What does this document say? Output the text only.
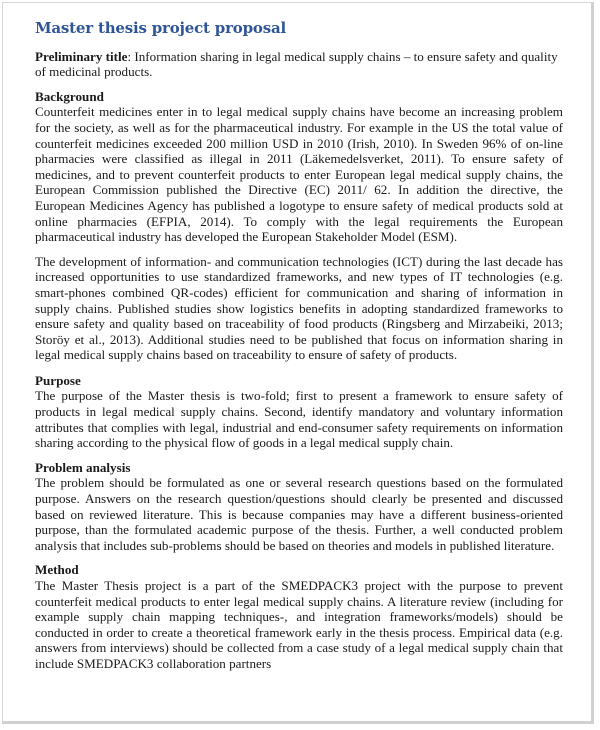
Master thesis project proposal

Preliminary title: Information sharing in legal medical supply chains – to ensure safety and quality of medicinal products.

Background

Counterfeit medicines enter in to legal medical supply chains have become an increasing problem for the society, as well as for the pharmaceutical industry. For example in the US the total value of counterfeit medicines exceeded 200 million USD in 2010 (Irish, 2010). In Sweden 96% of on-line pharmacies were classified as illegal in 2011 (Läkemedelsverket, 2011). To ensure safety of medicines, and to prevent counterfeit products to enter European legal medical supply chains, the European Commission published the Directive (EC) 2011/ 62. In addition the directive, the European Medicines Agency has published a logotype to ensure safety of medical products sold at online pharmacies (EFPIA, 2014). To comply with the legal requirements the European pharmaceutical industry has developed the European Stakeholder Model (ESM).

The development of information- and communication technologies (ICT) during the last decade has increased opportunities to use standardized frameworks, and new types of IT technologies (e.g. smart-phones combined QR-codes) efficient for communication and sharing of information in supply chains. Published studies show logistics benefits in adopting standardized frameworks to ensure safety and quality based on traceability of food products (Ringsberg and Mirzabeiki, 2013; Storöy et al., 2013). Additional studies need to be published that focus on information sharing in legal medical supply chains based on traceability to ensure of safety of products.

Purpose

The purpose of the Master thesis is two-fold; first to present a framework to ensure safety of products in legal medical supply chains. Second, identify mandatory and voluntary information attributes that complies with legal, industrial and end-consumer safety requirements on information sharing according to the physical flow of goods in a legal medical supply chain.

Problem analysis

The problem should be formulated as one or several research questions based on the formulated purpose. Answers on the research question/questions should clearly be presented and discussed based on reviewed literature. This is because companies may have a different business-oriented purpose, than the formulated academic purpose of the thesis. Further, a well conducted problem analysis that includes sub-problems should be based on theories and models in published literature.

Method

The Master Thesis project is a part of the SMEDPACK3 project with the purpose to prevent counterfeit medical products to enter legal medical supply chains. A literature review (including for example supply chain mapping techniques-, and integration frameworks/models) should be conducted in order to create a theoretical framework early in the thesis process. Empirical data (e.g. answers from interviews) should be collected from a case study of a legal medical supply chain that include SMEDPACK3 collaboration partners
